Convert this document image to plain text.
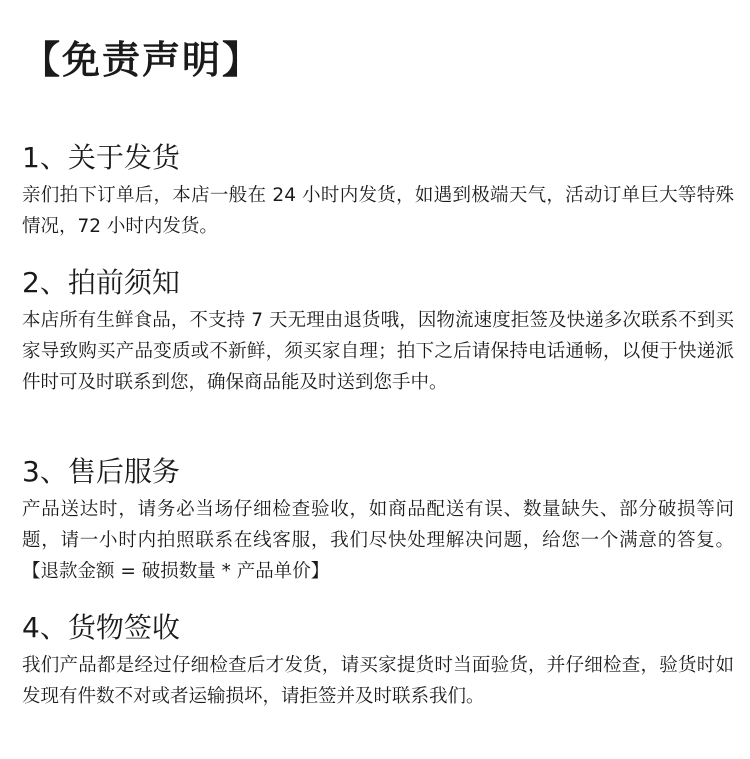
【免责声明】
1、关于发货

亲们拍下订单后，本店一般在 24 小时内发货，如遇到极端天气，活动订单巨大等特殊情况，72 小时内发货。

2、拍前须知

本店所有生鲜食品，不支持 7 天无理由退货哦，因物流速度拒签及快递多次联系不到买家导致购买产品变质或不新鲜，须买家自理；拍下之后请保持电话通畅，以便于快递派件时可及时联系到您，确保商品能及时送到您手中。

3、售后服务

产品送达时，请务必当场仔细检查验收，如商品配送有误、数量缺失、部分破损等问题，请一小时内拍照联系在线客服，我们尽快处理解决问题，给您一个满意的答复。【退款金额 = 破损数量 * 产品单价】

4、货物签收

我们产品都是经过仔细检查后才发货，请买家提货时当面验货，并仔细检查，验货时如发现有件数不对或者运输损坏，请拒签并及时联系我们。
